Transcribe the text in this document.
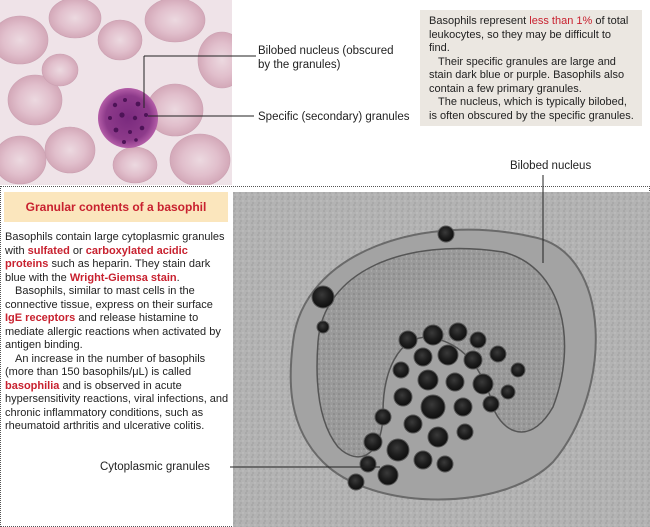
Bilobed nucleus (obscured by the granules)
Specific (secondary) granules

Basophils represent less than 1% of total leukocytes, so they may be difficult to find.

Their specific granules are large and stain dark blue or purple. Basophils also contain a few primary granules.

The nucleus, which is typically bilobed, is often obscured by the specific granules.

Granular contents of a basophil

Basophils contain large cytoplasmic granules with sulfated or carboxylated acidic proteins such as heparin. They stain dark blue with the Wright-Giemsa stain.

Basophils, similar to mast cells in the connective tissue, express on their surface IgE receptors and release histamine to mediate allergic reactions when activated by antigen binding.

An increase in the number of basophils (more than 150 basophils/μL) is called basophilia and is observed in acute hypersensitivity reactions, viral infections, and chronic inflammatory conditions, such as rheumatoid arthritis and ulcerative colitis.

Bilobed nucleus
Cytoplasmic granules
